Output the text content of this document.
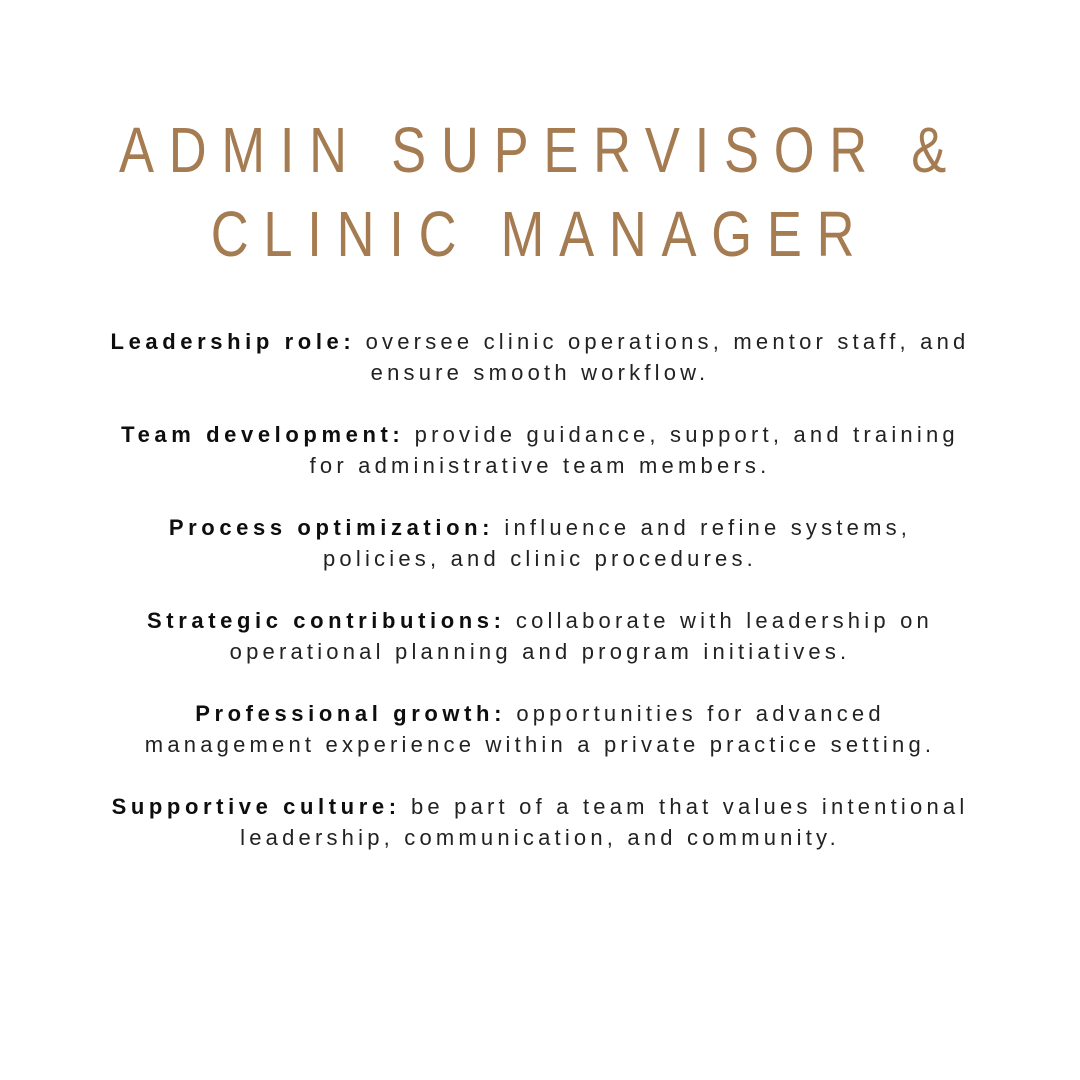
ADMIN SUPERVISOR &
CLINIC MANAGER

Leadership role: oversee clinic operations, mentor staff, and ensure smooth workflow.

Team development: provide guidance, support, and training for administrative team members.

Process optimization: influence and refine systems, policies, and clinic procedures.

Strategic contributions: collaborate with leadership on operational planning and program initiatives.

Professional growth: opportunities for advanced management experience within a private practice setting.

Supportive culture: be part of a team that values intentional leadership, communication, and community.
